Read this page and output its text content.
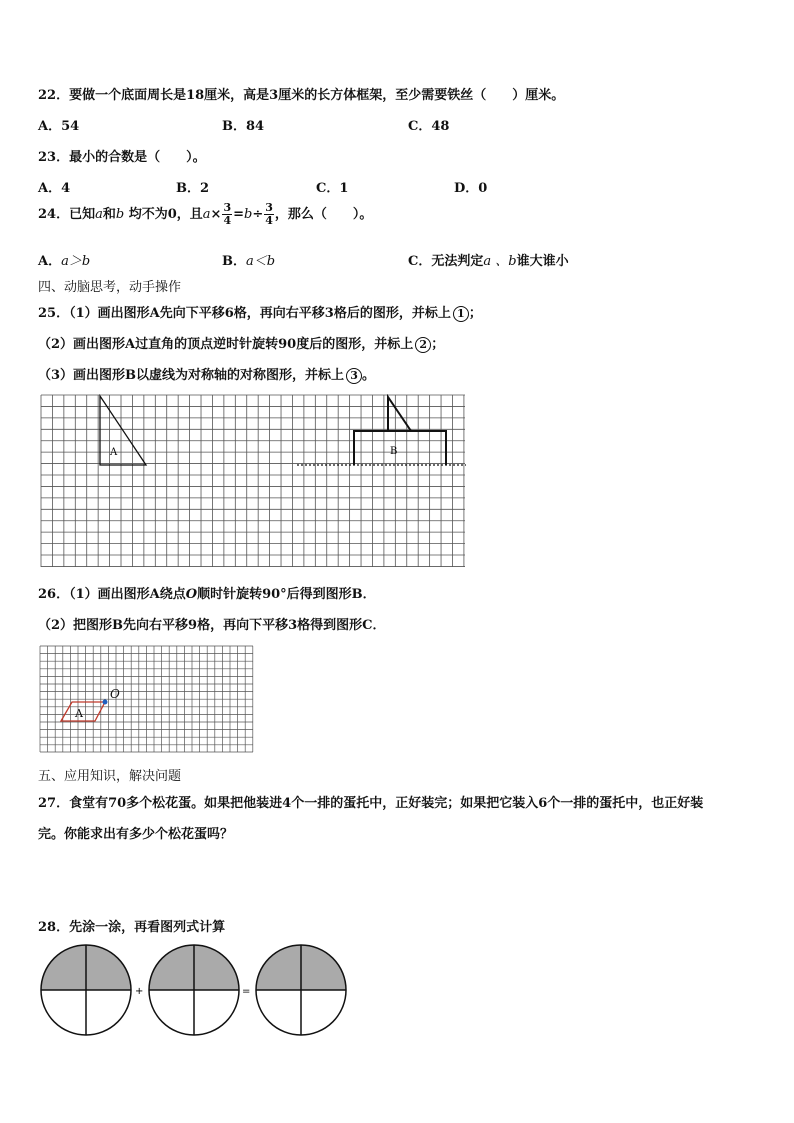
22．要做一个底面周长是18厘米，高是3厘米的长方体框架，至少需要铁丝（　　）厘米。
A．54	B．84	C．48
23．最小的合数是（　　）。
A．4	B．2	C．1	D．0
24．已知a和b 均不为0，且$a\times \frac{3}{4} =b\div \frac{3}{4}$ ，那么（　　）。
A．a＞b	B．a＜b	C．无法判定a 、b谁大谁小
四、动脑思考，动手操作
25．（1）画出图形A先向下平移6格，再向右平移3格后的图形，并标上 1 ；
（2）画出图形A过直角的顶点逆时针旋转90度后的图形，并标上 2 ；
（3）画出图形B以虚线为对称轴的对称图形，并标上 3 。
A	B
26．（1）画出图形A绕点O顺时针旋转90°后得到图形B．
（2）把图形B先向右平移9格，再向下平移3格得到图形C．
A
O
五、应用知识，解决问题
27．食堂有70多个松花蛋。如果把他装进4个一排的蛋托中，正好装完；如果把它装入6个一排的蛋托中，也正好装
完。你能求出有多少个松花蛋吗？
28．先涂一涂，再看图列式计算
+	=
